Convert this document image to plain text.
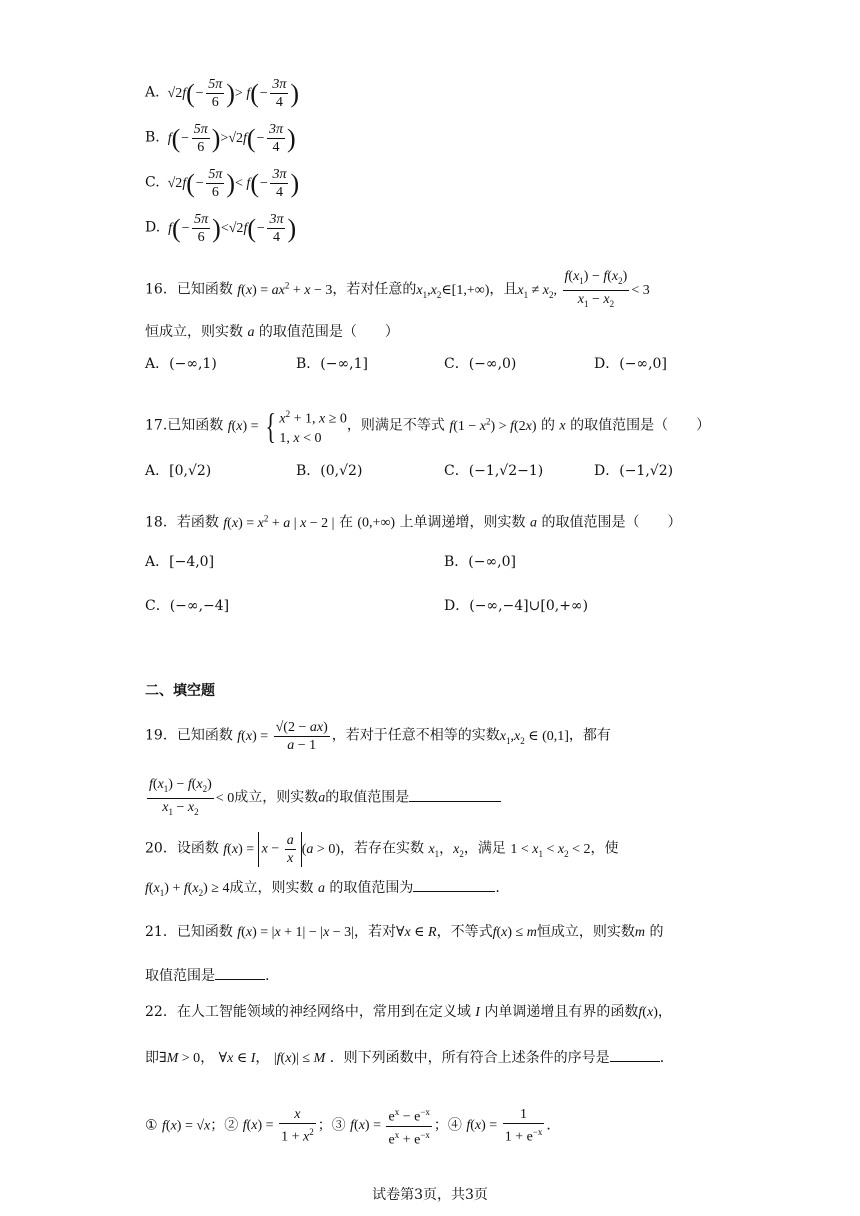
A. $√2f(- \frac{5\pi}{6}$ )> $f(- \frac{3\pi}{4}$ )
B.  $f(- \frac{5\pi}{6} )>√2f(- \frac{3\pi}{4}$ )
C. $√2f(- \frac{5\pi}{6}$ )< $f(- \frac{3\pi}{4}$ )
D.  $f(- \frac{5\pi}{6} )<√2f(- \frac{3\pi}{4}$ )
16．已知函数 $f(x) = ax^2 + x - 3$，若对任意的$x_1,x_2\in[1,+\infty)$，且$x_1 \ne x_2$, $\frac{f(x_1) - f(x_2)}{x_1 - x_2} < 3$
恒成立，则实数 a 的取值范围是（　　）
A．(−∞,1)	B．(−∞,1]	C．(−∞,0)	D．(−∞,0]
17.已知函数 f(x) = { $x^2 + 1$, x ≥ 0
1, x < 0
，则满足不等式 $f(1 - x^2) > f(2x)$ 的 x 的取值范围是（　　）
A．[0,√2)	B．(0,√2)	C．(−1,√2−1)	D．(−1,√2)
18．若函数 $f(x) = x^2 + a$ | x − 2 | 在 (0,+∞) 上单调递增，则实数 a 的取值范围是（　　）
A．[−4,0]	B．(−∞,0]
C．(−∞,−4]	D．(−∞,−4]∪[0,+∞)
二、填空题
19．已知函数 $f(x) = \frac{√(2 - ax)}{a - 1}$ ，若对于任意不相等的实数$x_1,x_2$ ∈ (0,1]，都有
$\frac{f(x_1) - f(x_2)}{x_1 - x_2} < 0$成立，则实数a的取值范围是
20．设函数 $f(x) = x - \frac{a}{x} (a > 0)$，若存在实数 $x_1$，$x_2$，满足 $1 < x_1 < x_2 < 2$，使
$f(x_1) + f(x_2) \ge 4$成立，则实数 a 的取值范围为	.
21．已知函数 f(x) = |x + 1| − |x − 3|，若对∀x ∈ R，不等式f(x) ≤ m恒成立，则实数m 的
取值范围是	.
22．在人工智能领域的神经网络中，常用到在定义域 I 内单调递增且有界的函数f(x)，
即∃M > 0， ∀x ∈ I， |f(x)| ≤ M ．则下列函数中，所有符合上述条件的序号是	．
① f(x) = √x；② $f(x) = \frac{x}{1 + x^2}$ ；③ $f(x) = \frac{e^x - e^{-x}}{e^x + e^{-x}}$ ；④ $f(x) = \frac{1}{1 + e^{-x}}$ ．
试卷第3页，共3页
